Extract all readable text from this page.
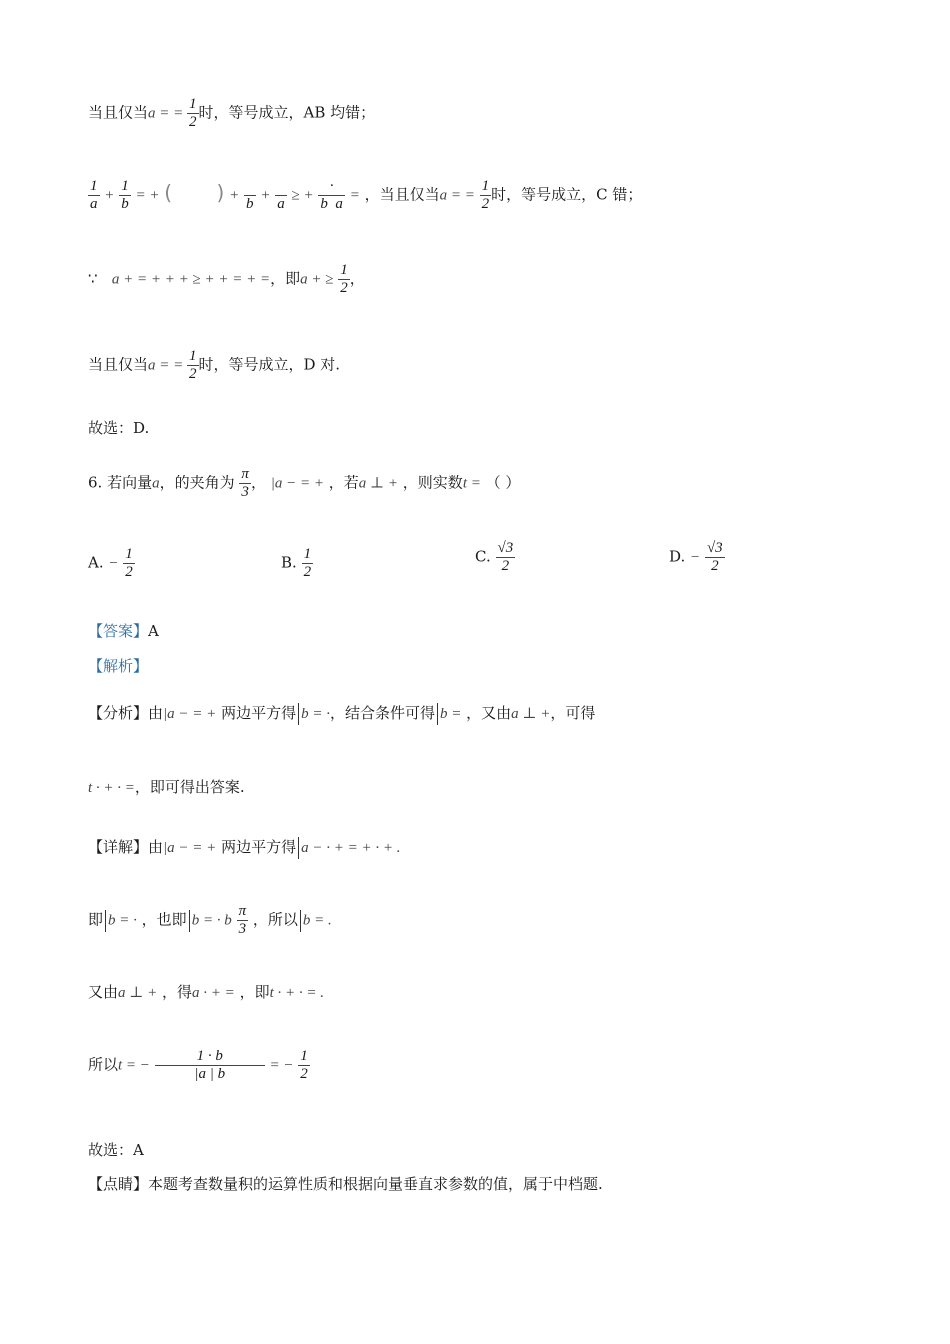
当且仅当a = = $\frac{1}{2}$ 时，等号成立，AB 均错；
$\frac{1}{a} + \frac{1}{b}$ = + (       ) +

b
+

a
≥ + $\frac{\cdot}{\text{b  a}}$ = ，当且仅当a = = $\frac{1}{2}$ 时，等号成立，C 错；
∵ a + = + + + ≥ + + = + =，即a + ≥ $\frac{1}{2}$ ，
当且仅当a = = $\frac{1}{2}$ 时，等号成立，D 对.
故选：D.
6. 若向量a，的夹角为 $\frac{\pi}{3}$ ， |a − = + ，若a ⊥ + ，则实数t = （ ）
A. − $\frac{1}{2}$	B. $\frac{1}{2}$	C. $\frac{√3}{2}$	D. − $\frac{√3}{2}$
【答案】A
【解析】
【分析】由|a − = + 两边平方得 b = ·，结合条件可得 b = ，又由a ⊥ +，可得
t · + · =，即可得出答案.
【详解】由|a − = + 两边平方得 a − · + = + · + .
即 b = · ，也即 b = · b $\frac{\pi}{3}$ ，所以 b = .
又由a ⊥ + ，得a · + = ，即t · + · = .
所以t = − $\frac{1 \cdot b}{|a | b}$ = − $\frac{1}{2}$
故选：A
【点睛】本题考查数量积的运算性质和根据向量垂直求参数的值，属于中档题.
